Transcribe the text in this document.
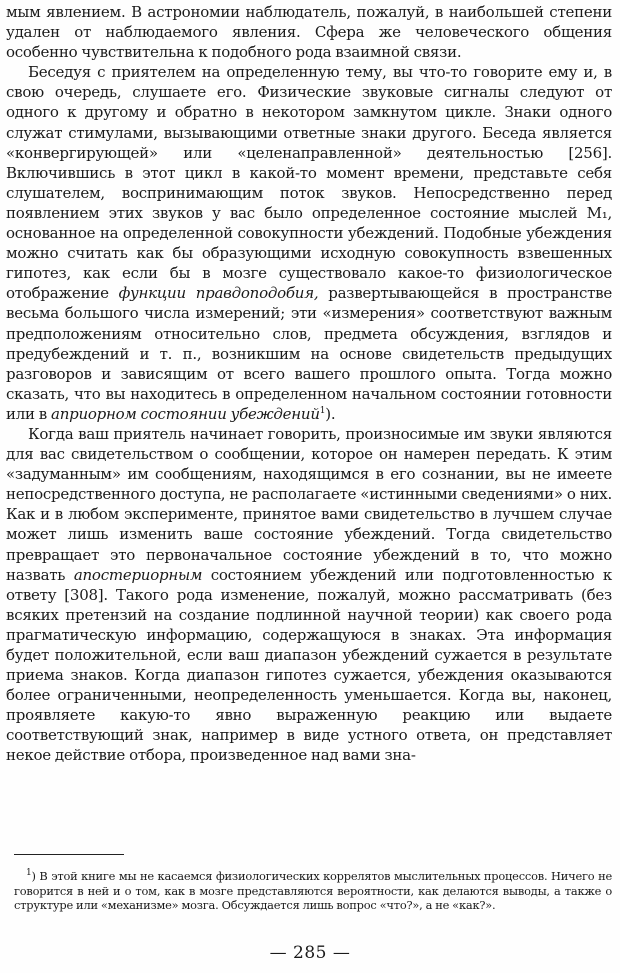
мым явлением. В астрономии наблюдатель, пожалуй, в наибольшей степени удален от наблюдаемого явления. Сфера же человеческого общения особенно чувствительна к подобного рода взаимной связи.

Беседуя с приятелем на определенную тему, вы что-то говорите ему и, в свою очередь, слушаете его. Физические звуковые сигналы следуют от одного к другому и обратно в некотором замкнутом цикле. Знаки одного служат стимулами, вызывающими ответные знаки другого. Беседа является «конвергирующей» или «целенаправленной» деятельностью [256]. Включившись в этот цикл в какой-то момент времени, представьте себя слушателем, воспринимающим поток звуков. Непосредственно перед появлением этих звуков у вас было определенное состояние мыслей M₁, основанное на определенной совокупности убеждений. Подобные убеждения можно считать как бы образующими исходную совокупность взвешенных гипотез, как если бы в мозге существовало какое-то физиологическое отображение функции правдоподобия, развертывающейся в пространстве весьма большого числа измерений; эти «измерения» соответствуют важным предположениям относительно слов, предмета обсуждения, взглядов и предубеждений и т. п., возникшим на основе свидетельств предыдущих разговоров и зависящим от всего вашего прошлого опыта. Тогда можно сказать, что вы находитесь в определенном начальном состоянии готовности или в априорном состоянии убеждений$^1$).

Когда ваш приятель начинает говорить, произносимые им звуки являются для вас свидетельством о сообщении, которое он намерен передать. К этим «задуманным» им сообщениям, находящимся в его сознании, вы не имеете непосредственного доступа, не располагаете «истинными сведениями» о них. Как и в любом эксперименте, принятое вами свидетельство в лучшем случае может лишь изменить ваше состояние убеждений. Тогда свидетельство превращает это первоначальное состояние убеждений в то, что можно назвать апостериорным состоянием убеждений или подготовленностью к ответу [308]. Такого рода изменение, пожалуй, можно рассматривать (без всяких претензий на создание подлинной научной теории) как своего рода прагматическую информацию, содержащуюся в знаках. Эта информация будет положительной, если ваш диапазон убеждений сужается в результате приема знаков. Когда диапазон гипотез сужается, убеждения оказываются более ограниченными, неопределенность уменьшается. Когда вы, наконец, проявляете какую-то явно выраженную реакцию или выдаете соответствующий знак, например в виде устного ответа, он представляет некое действие отбора, произведенное над вами зна-

$^1$) В этой книге мы не касаемся физиологических коррелятов мыслительных процессов. Ничего не говорится в ней и о том, как в мозге представляются вероятности, как делаются выводы, а также о структуре или «механизме» мозга. Обсуждается лишь вопрос «что?», а не «как?».

— 285 —
